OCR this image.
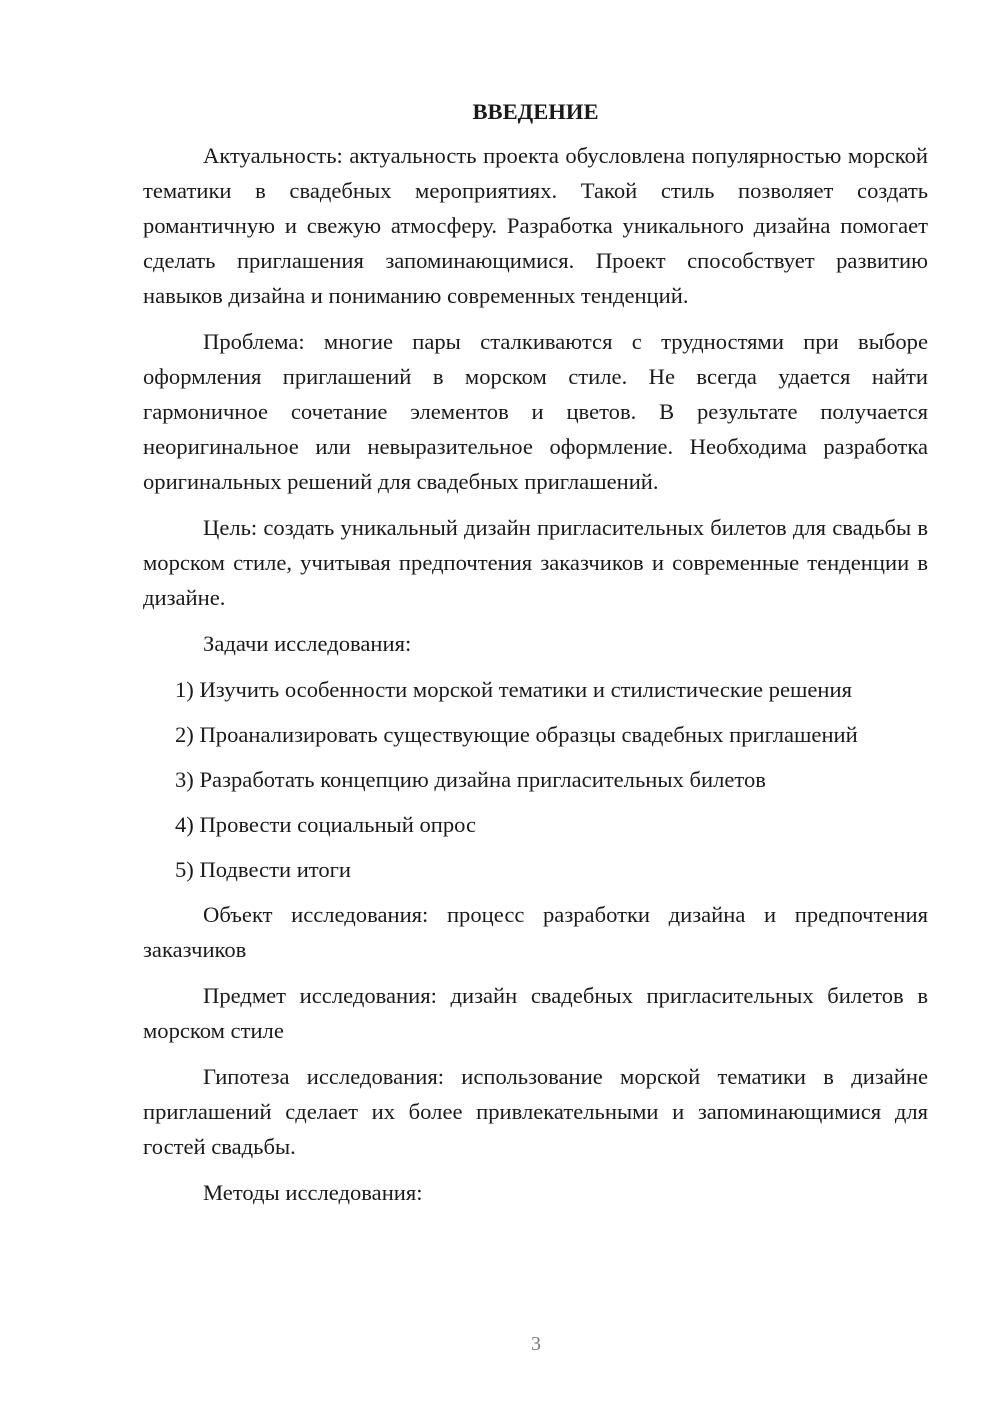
ВВЕДЕНИЕ

Актуальность: актуальность проекта обусловлена популярностью морской тематики в свадебных мероприятиях. Такой стиль позволяет создать романтичную и свежую атмосферу. Разработка уникального дизайна помогает сделать приглашения запоминающимися. Проект способствует развитию навыков дизайна и пониманию современных тенденций.

Проблема: многие пары сталкиваются с трудностями при выборе оформления приглашений в морском стиле. Не всегда удается найти гармоничное сочетание элементов и цветов. В результате получается неоригинальное или невыразительное оформление. Необходима разработка оригинальных решений для свадебных приглашений.

Цель: создать уникальный дизайн пригласительных билетов для свадьбы в морском стиле, учитывая предпочтения заказчиков и современные тенденции в дизайне.

Задачи исследования:

1) Изучить особенности морской тематики и стилистические решения

2) Проанализировать существующие образцы свадебных приглашений

3) Разработать концепцию дизайна пригласительных билетов

4) Провести социальный опрос

5) Подвести итоги

Объект исследования: процесс разработки дизайна и предпочтения заказчиков

Предмет исследования: дизайн свадебных пригласительных билетов в морском стиле

Гипотеза исследования: использование морской тематики в дизайне приглашений сделает их более привлекательными и запоминающимися для гостей свадьбы.

Методы исследования:

3
